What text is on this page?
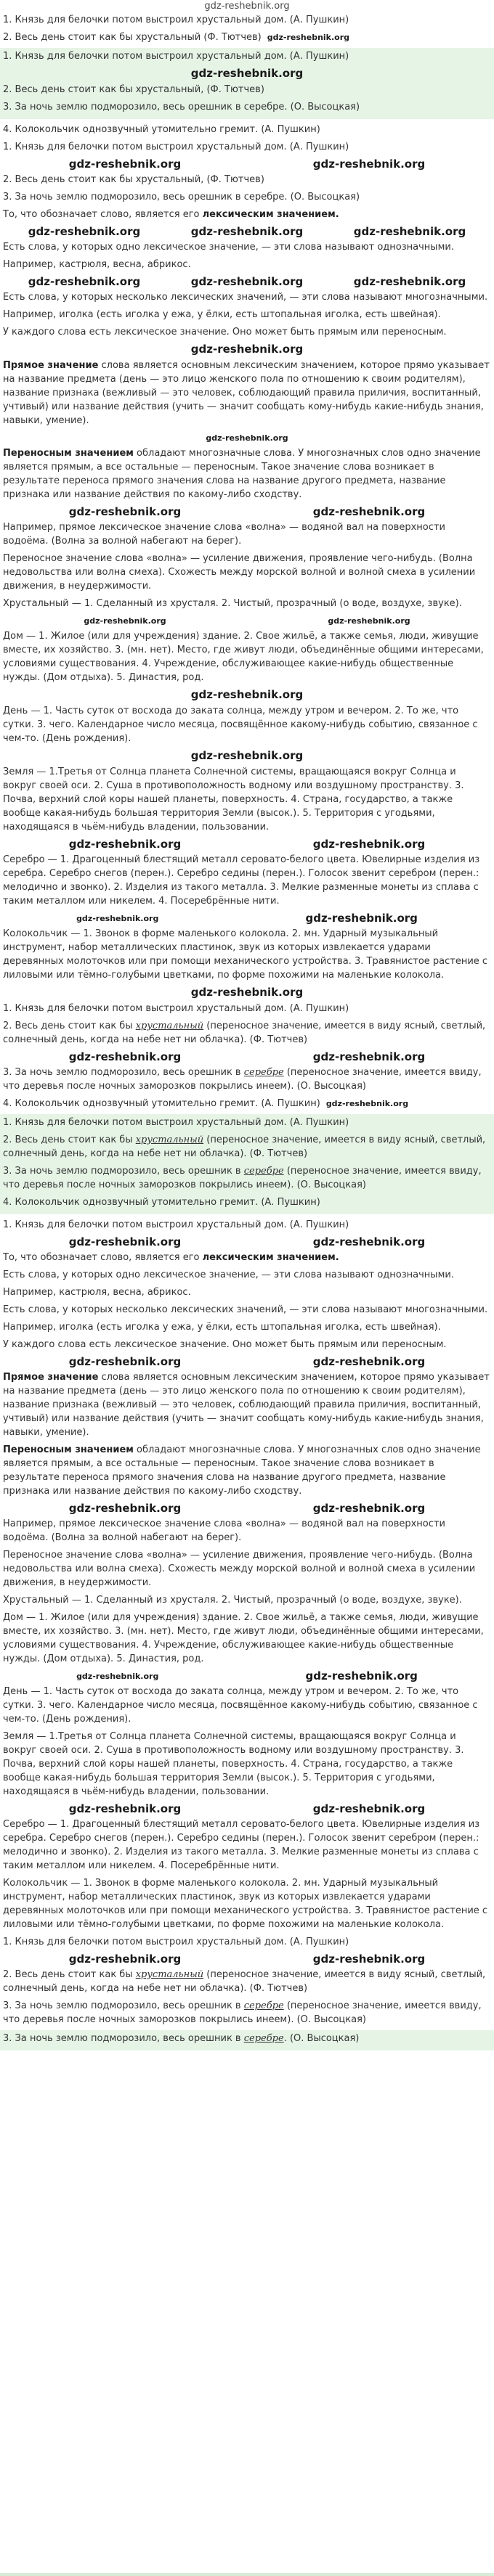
gdz-reshebnik.org

1. Князь для белочки потом выстроил хрустальный дом. (А. Пушкин)

2. Весь день стоит как бы хрустальный (Ф. Тютчев) gdz-reshebnik.org

1. Князь для белочки потом выстроил хрустальный дом. (А. Пушкин)

gdz-reshebnik.org

2. Весь день стоит как бы хрустальный, (Ф. Тютчев)

3. За ночь землю подморозило, весь орешник в серебре. (О. Высоцкая)

4. Колокольчик однозвучный утомительно гремит. (А. Пушкин)

1. Князь для белочки потом выстроил хрустальный дом. (А. Пушкин)

gdz-reshebnik.org	gdz-reshebnik.org

2. Весь день стоит как бы хрустальный, (Ф. Тютчев)

3. За ночь землю подморозило, весь орешник в серебре. (О. Высоцкая)

То, что обозначает слово, является его лексическим значением.

gdz-reshebnik.org	gdz-reshebnik.org	gdz-reshebnik.org

Есть слова, у которых одно лексическое значение, — эти слова называют однозначными.

Например, кастрюля, весна, абрикос.

gdz-reshebnik.org	gdz-reshebnik.org	gdz-reshebnik.org

Есть слова, у которых несколько лексических значений, — эти слова называют многозначными.

Например, иголка (есть иголка у ежа, у ёлки, есть штопальная иголка, есть швейная).

У каждого слова есть лексическое значение. Оно может быть прямым или переносным.

gdz-reshebnik.org

Прямое значение слова является основным лексическим значением, которое прямо указывает на название предмета (день — это лицо женского пола по отношению к своим родителям), название признака (вежливый — это человек, соблюдающий правила приличия, воспитанный, учтивый) или название действия (учить — значит сообщать кому-нибудь какие-нибудь знания, навыки, умение).

gdz-reshebnik.org

Переносным значением обладают многозначные слова. У многозначных слов одно значение является прямым, а все остальные — переносным. Такое значение слова возникает в результате переноса прямого значения слова на название другого предмета, название признака или название действия по какому-либо сходству.

gdz-reshebnik.org	gdz-reshebnik.org

Например, прямое лексическое значение слова «волна» — водяной вал на поверхности водоёма. (Волна за волной набегают на берег).

Переносное значение слова «волна» — усиление движения, проявление чего-нибудь. (Волна недовольства или волна смеха). Схожесть между морской волной и волной смеха в усилении движения, в неудержимости.

Хрустальный — 1. Сделанный из хрусталя. 2. Чистый, прозрачный (о воде, воздухе, звуке).

gdz-reshebnik.org	gdz-reshebnik.org

Дом — 1. Жилое (или для учреждения) здание. 2. Свое жильё, а также семья, люди, живущие вместе, их хозяйство. 3. (мн. нет). Место, где живут люди, объединённые общими интересами, условиями существования. 4. Учреждение, обслуживающее какие-нибудь общественные нужды. (Дом отдыха). 5. Династия, род.

gdz-reshebnik.org

День — 1. Часть суток от восхода до заката солнца, между утром и вечером. 2. То же, что сутки. 3. чего. Календарное число месяца, посвящённое какому-нибудь событию, связанное с чем-то. (День рождения).

gdz-reshebnik.org

Земля — 1.Третья от Солнца планета Солнечной системы, вращающаяся вокруг Солнца и вокруг своей оси. 2. Суша в противоположность водному или воздушному пространству. 3. Почва, верхний слой коры нашей планеты, поверхность. 4. Страна, государство, а также вообще какая-нибудь большая территория Земли (высок.). 5. Территория с угодьями, находящаяся в чьём-нибудь владении, пользовании.

gdz-reshebnik.org	gdz-reshebnik.org

Серебро — 1. Драгоценный блестящий металл серовато-белого цвета. Ювелирные изделия из серебра. Серебро снегов (перен.). Серебро седины (перен.). Голосок звенит серебром (перен.: мелодично и звонко). 2. Изделия из такого металла. 3. Мелкие разменные монеты из сплава с таким металлом или никелем. 4. Посеребрённые нити.

gdz-reshebnik.org	gdz-reshebnik.org

Колокольчик — 1. Звонок в форме маленького колокола. 2. мн. Ударный музыкальный инструмент, набор металлических пластинок, звук из которых извлекается ударами деревянных молоточков или при помощи механического устройства. 3. Травянистое растение с лиловыми или тёмно-голубыми цветками, по форме похожими на маленькие колокола.

gdz-reshebnik.org

1. Князь для белочки потом выстроил хрустальный дом. (А. Пушкин)

2. Весь день стоит как бы хрустальный (переносное значение, имеется в виду ясный, светлый, солнечный день, когда на небе нет ни облачка). (Ф. Тютчев)

gdz-reshebnik.org	gdz-reshebnik.org

3. За ночь землю подморозило, весь орешник в серебре (переносное значение, имеется ввиду, что деревья после ночных заморозков покрылись инеем). (О. Высоцкая)

4. Колокольчик однозвучный утомительно гремит. (А. Пушкин) gdz-reshebnik.org

1. Князь для белочки потом выстроил хрустальный дом. (А. Пушкин)

2. Весь день стоит как бы хрустальный (переносное значение, имеется в виду ясный, светлый, солнечный день, когда на небе нет ни облачка). (Ф. Тютчев)

3. За ночь землю подморозило, весь орешник в серебре (переносное значение, имеется ввиду, что деревья после ночных заморозков покрылись инеем). (О. Высоцкая)

4. Колокольчик однозвучный утомительно гремит. (А. Пушкин)

1. Князь для белочки потом выстроил хрустальный дом. (А. Пушкин)

gdz-reshebnik.org	gdz-reshebnik.org

То, что обозначает слово, является его лексическим значением.

Есть слова, у которых одно лексическое значение, — эти слова называют однозначными.

Например, кастрюля, весна, абрикос.

Есть слова, у которых несколько лексических значений, — эти слова называют многозначными.

Например, иголка (есть иголка у ежа, у ёлки, есть штопальная иголка, есть швейная).

У каждого слова есть лексическое значение. Оно может быть прямым или переносным.

gdz-reshebnik.org	gdz-reshebnik.org

Прямое значение слова является основным лексическим значением, которое прямо указывает на название предмета (день — это лицо женского пола по отношению к своим родителям), название признака (вежливый — это человек, соблюдающий правила приличия, воспитанный, учтивый) или название действия (учить — значит сообщать кому-нибудь какие-нибудь знания, навыки, умение).

Переносным значением обладают многозначные слова. У многозначных слов одно значение является прямым, а все остальные — переносным. Такое значение слова возникает в результате переноса прямого значения слова на название другого предмета, название признака или название действия по какому-либо сходству.

gdz-reshebnik.org	gdz-reshebnik.org

Например, прямое лексическое значение слова «волна» — водяной вал на поверхности водоёма. (Волна за волной набегают на берег).

Переносное значение слова «волна» — усиление движения, проявление чего-нибудь. (Волна недовольства или волна смеха). Схожесть между морской волной и волной смеха в усилении движения, в неудержимости.

Хрустальный — 1. Сделанный из хрусталя. 2. Чистый, прозрачный (о воде, воздухе, звуке).

Дом — 1. Жилое (или для учреждения) здание. 2. Свое жильё, а также семья, люди, живущие вместе, их хозяйство. 3. (мн. нет). Место, где живут люди, объединённые общими интересами, условиями существования. 4. Учреждение, обслуживающее какие-нибудь общественные нужды. (Дом отдыха). 5. Династия, род.

gdz-reshebnik.org	gdz-reshebnik.org

День — 1. Часть суток от восхода до заката солнца, между утром и вечером. 2. То же, что сутки. 3. чего. Календарное число месяца, посвящённое какому-нибудь событию, связанное с чем-то. (День рождения).

Земля — 1.Третья от Солнца планета Солнечной системы, вращающаяся вокруг Солнца и вокруг своей оси. 2. Суша в противоположность водному или воздушному пространству. 3. Почва, верхний слой коры нашей планеты, поверхность. 4. Страна, государство, а также вообще какая-нибудь большая территория Земли (высок.). 5. Территория с угодьями, находящаяся в чьём-нибудь владении, пользовании.

gdz-reshebnik.org	gdz-reshebnik.org

Серебро — 1. Драгоценный блестящий металл серовато-белого цвета. Ювелирные изделия из серебра. Серебро снегов (перен.). Серебро седины (перен.). Голосок звенит серебром (перен.: мелодично и звонко). 2. Изделия из такого металла. 3. Мелкие разменные монеты из сплава с таким металлом или никелем. 4. Посеребрённые нити.

Колокольчик — 1. Звонок в форме маленького колокола. 2. мн. Ударный музыкальный инструмент, набор металлических пластинок, звук из которых извлекается ударами деревянных молоточков или при помощи механического устройства. 3. Травянистое растение с лиловыми или тёмно-голубыми цветками, по форме похожими на маленькие колокола.

1. Князь для белочки потом выстроил хрустальный дом. (А. Пушкин)

gdz-reshebnik.org	gdz-reshebnik.org

2. Весь день стоит как бы хрустальный (переносное значение, имеется в виду ясный, светлый, солнечный день, когда на небе нет ни облачка). (Ф. Тютчев)

3. За ночь землю подморозило, весь орешник в серебре (переносное значение, имеется ввиду, что деревья после ночных заморозков покрылись инеем). (О. Высоцкая)

3. За ночь землю подморозило, весь орешник в серебре. (О. Высоцкая)
